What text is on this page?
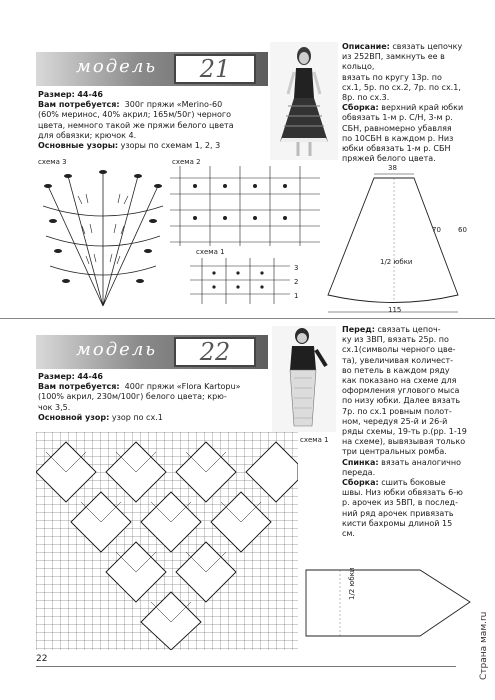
модель	21
Размер: 44-46
Вам потребуется: 300г пряжи «Merino-60
(60% меринос, 40% акрил; 165м/50г) черного
цвета, немного такой же пряжи белого цвета
для обвязки; крючок 4.
Основные узоры: узоры по схемам 1, 2, 3
Описание: связать цепочку
из 252ВП, замкнуть ее в кольцо,
вязать по кругу 13р. по
сх.1, 5р. по сх.2, 7р. по сх.1,
8р. по сх.3.
Сборка: верхний край юбки
обвязать 1-м р. С/Н, 3-м р.
СБН, равномерно убавляя
по 10СБН в каждом р. Низ
юбки обвязать 1-м р. СБН
пряжей белого цвета.
схема 3	схема 2
схема 1
3
2
1
38
70 60
1/2 юбки
115
модель	22
Размер: 44-46
Вам потребуется: 400г пряжи «Flora Kartopu»
(100% акрил, 230м/100г) белого цвета; крю-
чок 3,5.
Основной узор: узор по сх.1
Перед: связать цепоч-
ку из 3ВП, вязать 25р. по
сх.1(символы черного цве-
та), увеличивая количест-
во петель в каждом ряду
как показано на схеме для
оформления углового мыса
по низу юбки. Далее вязать
7р. по сх.1 ровным полот-
ном, чередуя 25-й и 26-й
ряды схемы, 19-ть р.(рр. 1-19
на схеме), вывязывая только
три центральных ромба.
Спинка: вязать аналогично
переда.
Сборка: сшить боковые
швы. Низ юбки обвязать 6-ю
р. арочек из 5ВП, в послед-
ний ряд арочек привязать
кисти бахромы длиной 15
см.
схема 1
1/2 юбки
Страна мам.ru
22
